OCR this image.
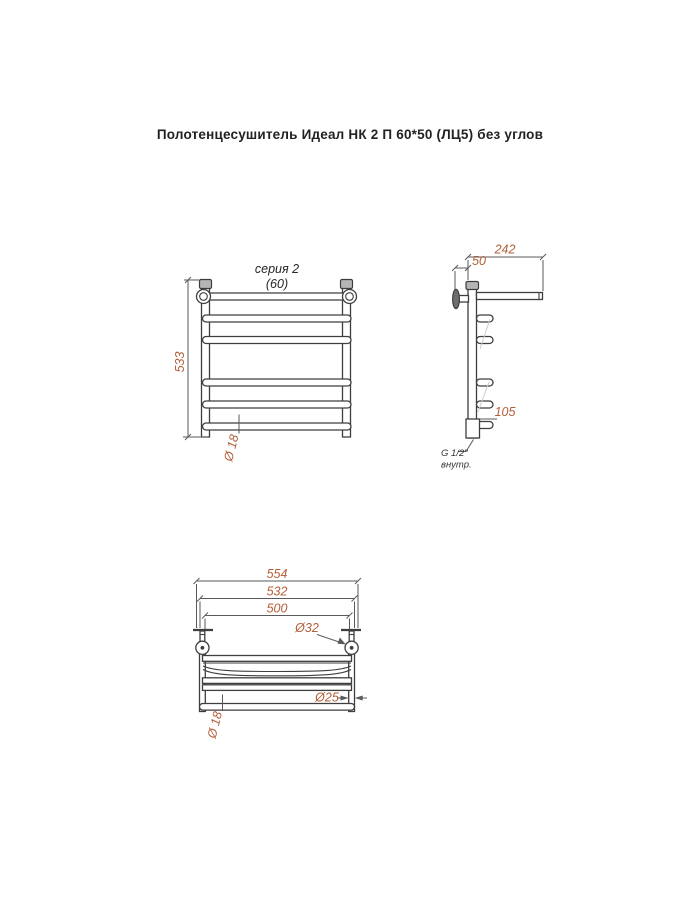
Полотенцесушитель Идеал НК 2 П 60*50 (ЛЦ5) без углов
серия 2
(60)
533
Ø 18
242
50
105
G 1/2"
внутр.
554
532
500
Ø32
Ø25
Ø 18
